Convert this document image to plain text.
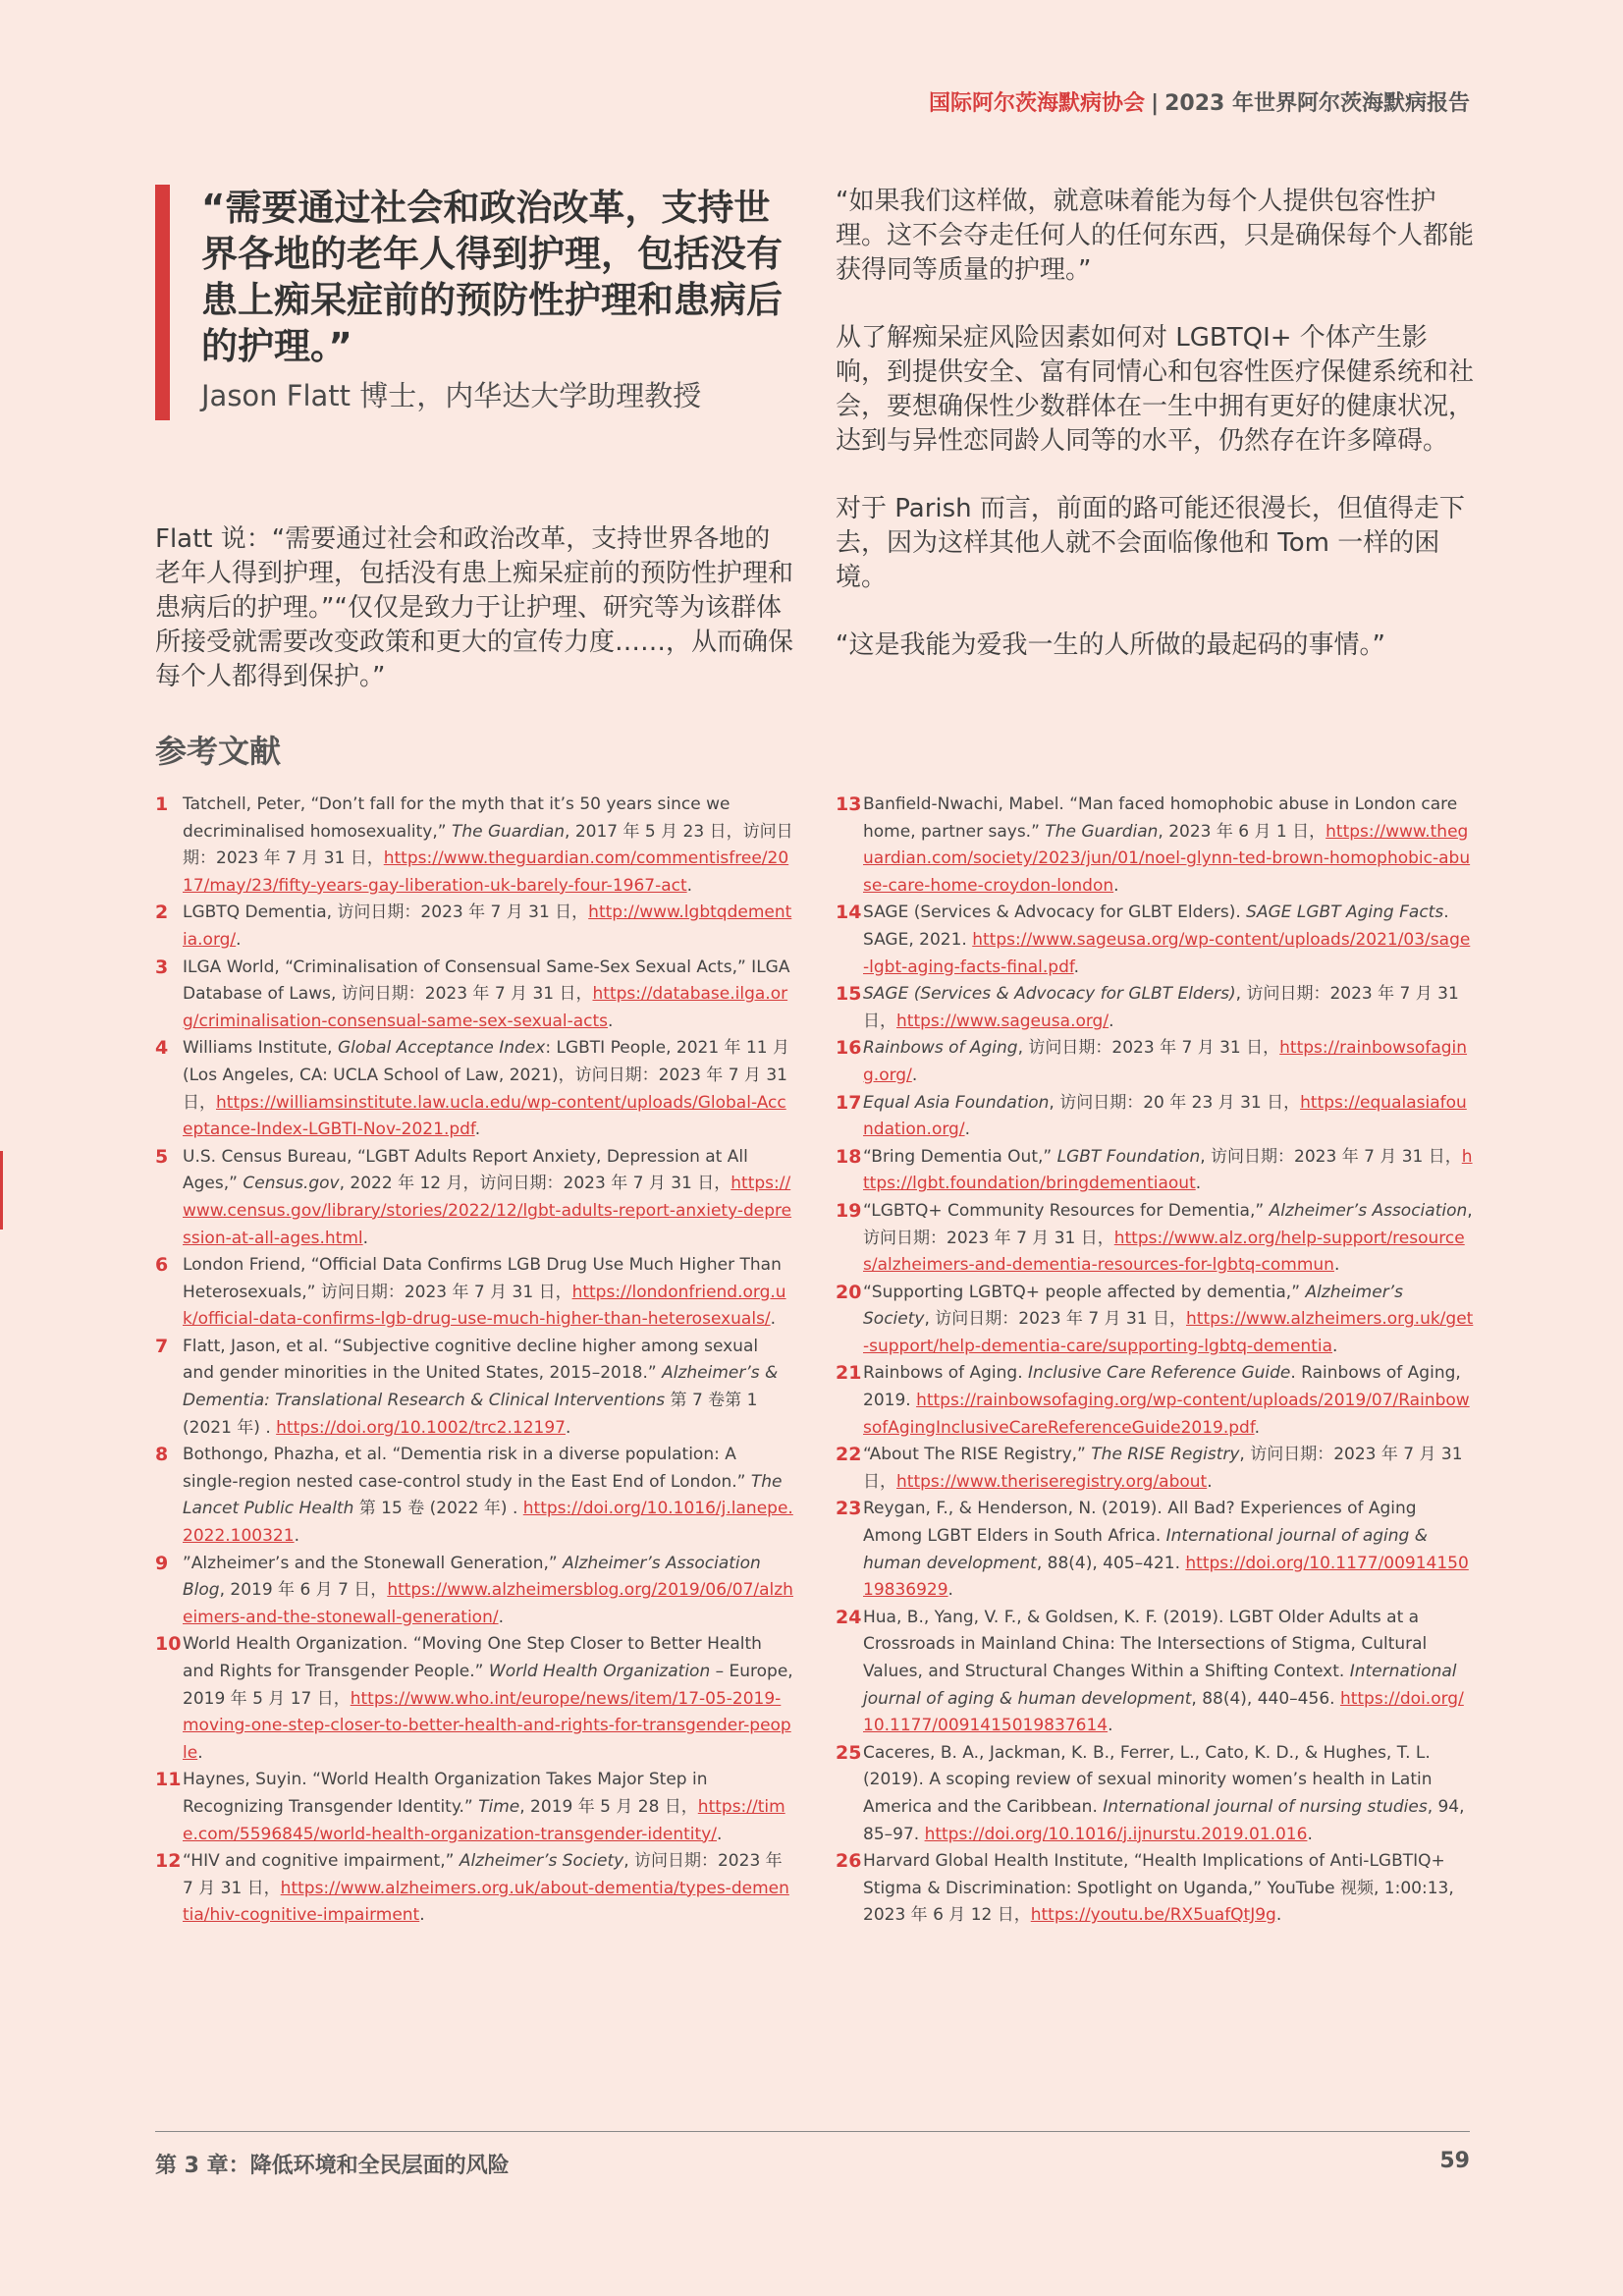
国际阿尔茨海默病协会 | 2023 年世界阿尔茨海默病报告

“需要通过社会和政治改革，支持世界各地的老年人得到护理，包括没有患上痴呆症前的预防性护理和患病后的护理。”

Jason Flatt 博士，内华达大学助理教授

Flatt 说：“需要通过社会和政治改革，支持世界各地的老年人得到护理，包括没有患上痴呆症前的预防性护理和患病后的护理。”“仅仅是致力于让护理、研究等为该群体所接受就需要改变政策和更大的宣传力度……，从而确保每个人都得到保护。”

“如果我们这样做，就意味着能为每个人提供包容性护理。这不会夺走任何人的任何东西，只是确保每个人都能获得同等质量的护理。”

从了解痴呆症风险因素如何对 LGBTQI+ 个体产生影响，到提供安全、富有同情心和包容性医疗保健系统和社会，要想确保性少数群体在一生中拥有更好的健康状况，达到与异性恋同龄人同等的水平，仍然存在许多障碍。

对于 Parish 而言，前面的路可能还很漫长，但值得走下去，因为这样其他人就不会面临像他和 Tom 一样的困境。

“这是我能为爱我一生的人所做的最起码的事情。”

参考文献
1 Tatchell, Peter, “Don’t fall for the myth that it’s 50 years since we decriminalised homosexuality,” The Guardian, 2017 年 5 月 23 日，访问日期：2023 年 7 月 31 日，https://www.theguardian.com/commentisfree/2017/may/23/fifty-years-gay-liberation-uk-barely-four-1967-act.
2 LGBTQ Dementia, 访问日期：2023 年 7 月 31 日，http://www.lgbtqdementia.org/.
3 ILGA World, “Criminalisation of Consensual Same-Sex Sexual Acts,” ILGA Database of Laws, 访问日期：2023 年 7 月 31 日，https://database.ilga.org/criminalisation-consensual-same-sex-sexual-acts.
4 Williams Institute, Global Acceptance Index: LGBTI People, 2021 年 11 月 (Los Angeles, CA: UCLA School of Law, 2021)，访问日期：2023 年 7 月 31 日，https://williamsinstitute.law.ucla.edu/wp-content/uploads/Global-Acceptance-Index-LGBTI-Nov-2021.pdf.
5 U.S. Census Bureau, “LGBT Adults Report Anxiety, Depression at All Ages,” Census.gov, 2022 年 12 月，访问日期：2023 年 7 月 31 日，https://www.census.gov/library/stories/2022/12/lgbt-adults-report-anxiety-depression-at-all-ages.html.
6 London Friend, “Official Data Confirms LGB Drug Use Much Higher Than Heterosexuals,” 访问日期：2023 年 7 月 31 日，https://londonfriend.org.uk/official-data-confirms-lgb-drug-use-much-higher-than-heterosexuals/.
7 Flatt, Jason, et al. “Subjective cognitive decline higher among sexual and gender minorities in the United States, 2015–2018.” Alzheimer’s & Dementia: Translational Research & Clinical Interventions 第 7 卷第 1 (2021 年) . https://doi.org/10.1002/trc2.12197.
8 Bothongo, Phazha, et al. “Dementia risk in a diverse population: A single-region nested case-control study in the East End of London.” The Lancet Public Health 第 15 卷 (2022 年) . https://doi.org/10.1016/j.lanepe.2022.100321.
9 ”Alzheimer’s and the Stonewall Generation,” Alzheimer’s Association Blog, 2019 年 6 月 7 日，https://www.alzheimersblog.org/2019/06/07/alzheimers-and-the-stonewall-generation/.
10 World Health Organization. “Moving One Step Closer to Better Health and Rights for Transgender People.” World Health Organization – Europe, 2019 年 5 月 17 日，https://www.who.int/europe/news/item/17-05-2019-moving-one-step-closer-to-better-health-and-rights-for-transgender-people.
11 Haynes, Suyin. “World Health Organization Takes Major Step in Recognizing Transgender Identity.” Time, 2019 年 5 月 28 日，https://time.com/5596845/world-health-organization-transgender-identity/.
12 “HIV and cognitive impairment,” Alzheimer’s Society, 访问日期：2023 年 7 月 31 日，https://www.alzheimers.org.uk/about-dementia/types-dementia/hiv-cognitive-impairment.
13 Banfield-Nwachi, Mabel. “Man faced homophobic abuse in London care home, partner says.” The Guardian, 2023 年 6 月 1 日，https://www.theguardian.com/society/2023/jun/01/noel-glynn-ted-brown-homophobic-abuse-care-home-croydon-london.
14 SAGE (Services & Advocacy for GLBT Elders). SAGE LGBT Aging Facts. SAGE, 2021. https://www.sageusa.org/wp-content/uploads/2021/03/sage-lgbt-aging-facts-final.pdf.
15 SAGE (Services & Advocacy for GLBT Elders), 访问日期：2023 年 7 月 31 日，https://www.sageusa.org/.
16 Rainbows of Aging, 访问日期：2023 年 7 月 31 日，https://rainbowsofaging.org/.
17 Equal Asia Foundation, 访问日期：20 年 23 月 31 日，https://equalasiafoundation.org/.
18 “Bring Dementia Out,” LGBT Foundation, 访问日期：2023 年 7 月 31 日，https://lgbt.foundation/bringdementiaout.
19 “LGBTQ+ Community Resources for Dementia,” Alzheimer’s Association, 访问日期：2023 年 7 月 31 日，https://www.alz.org/help-support/resources/alzheimers-and-dementia-resources-for-lgbtq-commun.
20 “Supporting LGBTQ+ people affected by dementia,” Alzheimer’s Society, 访问日期：2023 年 7 月 31 日，https://www.alzheimers.org.uk/get-support/help-dementia-care/supporting-lgbtq-dementia.
21 Rainbows of Aging. Inclusive Care Reference Guide. Rainbows of Aging, 2019. https://rainbowsofaging.org/wp-content/uploads/2019/07/RainbowsofAgingInclusiveCareReferenceGuide2019.pdf.
22 “About The RISE Registry,” The RISE Registry, 访问日期：2023 年 7 月 31 日，https://www.theriseregistry.org/about.
23 Reygan, F., & Henderson, N. (2019). All Bad? Experiences of Aging Among LGBT Elders in South Africa. International journal of aging & human development, 88(4), 405–421. https://doi.org/10.1177/0091415019836929.
24 Hua, B., Yang, V. F., & Goldsen, K. F. (2019). LGBT Older Adults at a Crossroads in Mainland China: The Intersections of Stigma, Cultural Values, and Structural Changes Within a Shifting Context. International journal of aging & human development, 88(4), 440–456. https://doi.org/10.1177/0091415019837614.
25 Caceres, B. A., Jackman, K. B., Ferrer, L., Cato, K. D., & Hughes, T. L. (2019). A scoping review of sexual minority women’s health in Latin America and the Caribbean. International journal of nursing studies, 94, 85–97. https://doi.org/10.1016/j.ijnurstu.2019.01.016.
26 Harvard Global Health Institute, “Health Implications of Anti-LGBTIQ+ Stigma & Discrimination: Spotlight on Uganda,” YouTube 视频, 1:00:13, 2023 年 6 月 12 日，https://youtu.be/RX5uafQtJ9g.
第 3 章：降低环境和全民层面的风险	59
